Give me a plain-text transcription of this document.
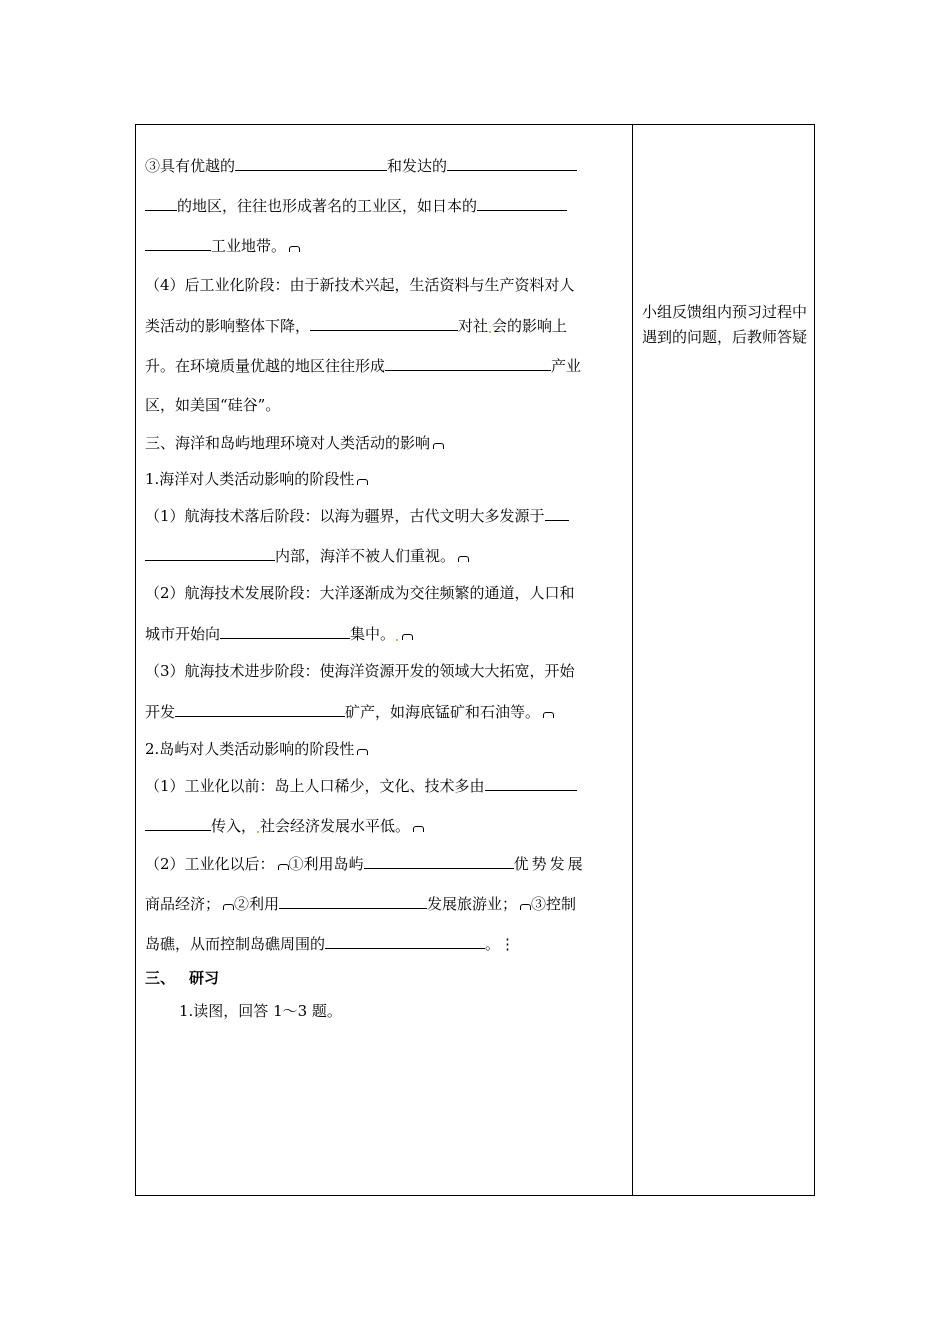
③具有优越的	和发达的
的地区，往往也形成著名的工业区，如日本的
工业地带。
（4）后工业化阶段：由于新技术兴起，生活资料与生产资料对人
类活动的影响整体下降，	对社 会的影响上
升。在环境质量优越的地区往往形成	产业
区，如美国“硅谷”。
三、海洋和岛屿地理环境对人类活动的影响
1.海洋对人类活动影响的阶段性
（1）航海技术落后阶段：以海为疆界，古代文明大多发源于
内部，海洋不被人们重视。
（2）航海技术发展阶段：大洋逐渐成为交往频繁的通道，人口和
城市开始向	集中。
（3）航海技术进步阶段：使海洋资源开发的领域大大拓宽，开始
开发	矿产，如海底锰矿和石油等。
2.岛屿对人类活动影响的阶段性
（1）工业化以前：岛上人口稀少，文化、技术多由
传入， 社会经济发展水平低。
（2）工业化以后： ①利用岛屿	优势发展
商品经济； ②利用	发展旅游业； ③控制
岛礁，从而控制岛礁周围的	。⋮
三、 研习
1.读图，回答 1～3 题。
小组反馈组内预习过程中遇到的问题，后教师答疑
